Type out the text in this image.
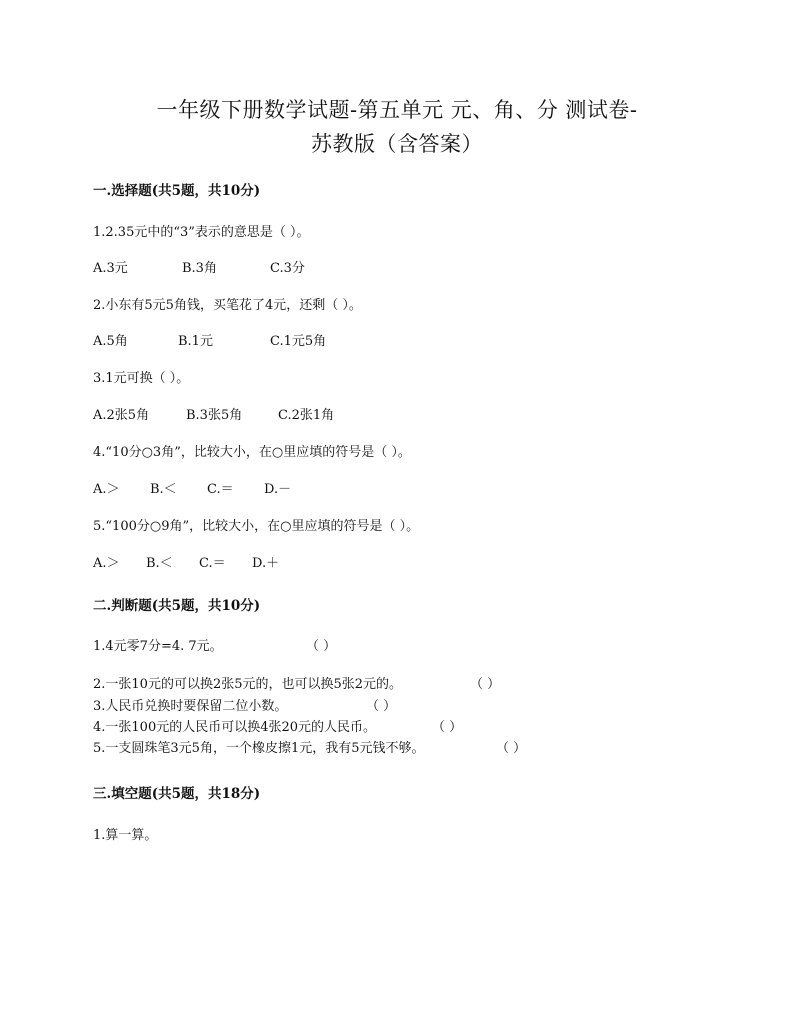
一年级下册数学试题-第五单元 元、角、分 测试卷-
苏教版（含答案）
一.选择题(共5题，共10分)
1.2.35元中的“3”表示的意思是（ ）。
A.3元	B.3角	C.3分
2.小东有5元5角钱，买笔花了4元，还剩（ ）。
A.5角	B.1元	C.1元5角
3.1元可换（ ）。
A.2张5角	B.3张5角	C.2张1角
4.“10分○3角”，比较大小，在○里应填的符号是（ ）。
A.＞ B.＜ C.＝ D.－
5.“100分○9角”，比较大小，在○里应填的符号是（ ）。
A.＞ B.＜ C.＝ D.＋
二.判断题(共5题，共10分)
1.4元零7分=4. 7元。	（ ）
2.一张10元的可以换2张5元的，也可以换5张2元的。	（ ）
3.人民币兑换时要保留二位小数。	（ ）
4.一张100元的人民币可以换4张20元的人民币。	（ ）
5.一支圆珠笔3元5角，一个橡皮擦1元，我有5元钱不够。	（ ）
三.填空题(共5题，共18分)
1.算一算。
